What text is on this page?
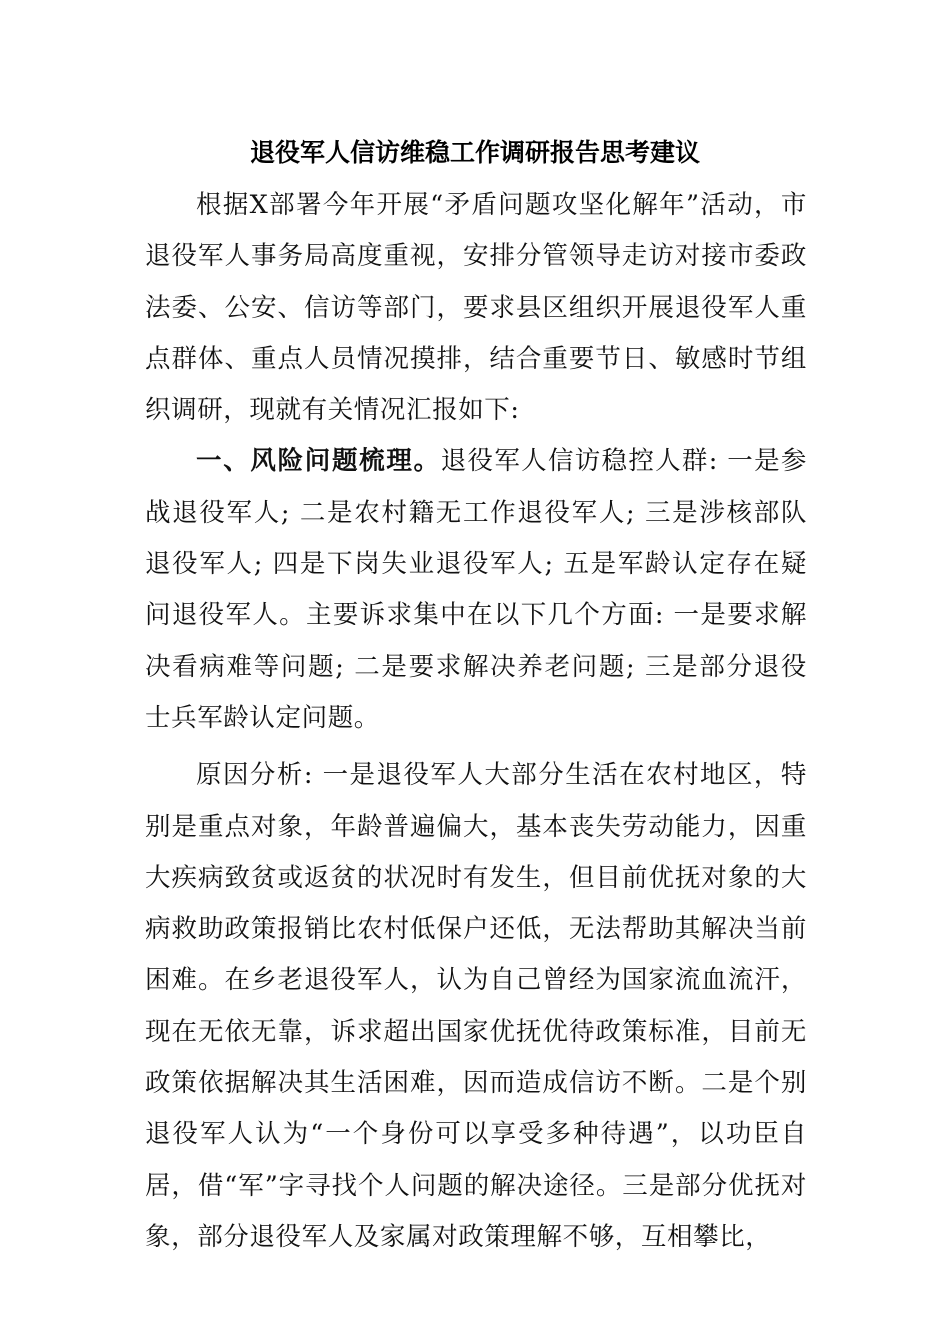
退役军人信访维稳工作调研报告思考建议

根据X部署今年开展“矛盾问题攻坚化解年”活动，市退役军人事务局高度重视，安排分管领导走访对接市委政法委、公安、信访等部门，要求县区组织开展退役军人重点群体、重点人员情况摸排，结合重要节日、敏感时节组织调研，现就有关情况汇报如下:

一、风险问题梳理。退役军人信访稳控人群: 一是参战退役军人; 二是农村籍无工作退役军人; 三是涉核部队退役军人; 四是下岗失业退役军人; 五是军龄认定存在疑问退役军人。主要诉求集中在以下几个方面: 一是要求解决看病难等问题; 二是要求解决养老问题; 三是部分退役士兵军龄认定问题。

原因分析: 一是退役军人大部分生活在农村地区，特别是重点对象，年龄普遍偏大，基本丧失劳动能力，因重大疾病致贫或返贫的状况时有发生，但目前优抚对象的大病救助政策报销比农村低保户还低，无法帮助其解决当前困难。在乡老退役军人，认为自己曾经为国家流血流汗，现在无依无靠，诉求超出国家优抚优待政策标准，目前无政策依据解决其生活困难，因而造成信访不断。二是个别退役军人认为“一个身份可以享受多种待遇”，以功臣自居，借“军”字寻找个人问题的解决途径。三是部分优抚对象，部分退役军人及家属对政策理解不够，互相攀比，
